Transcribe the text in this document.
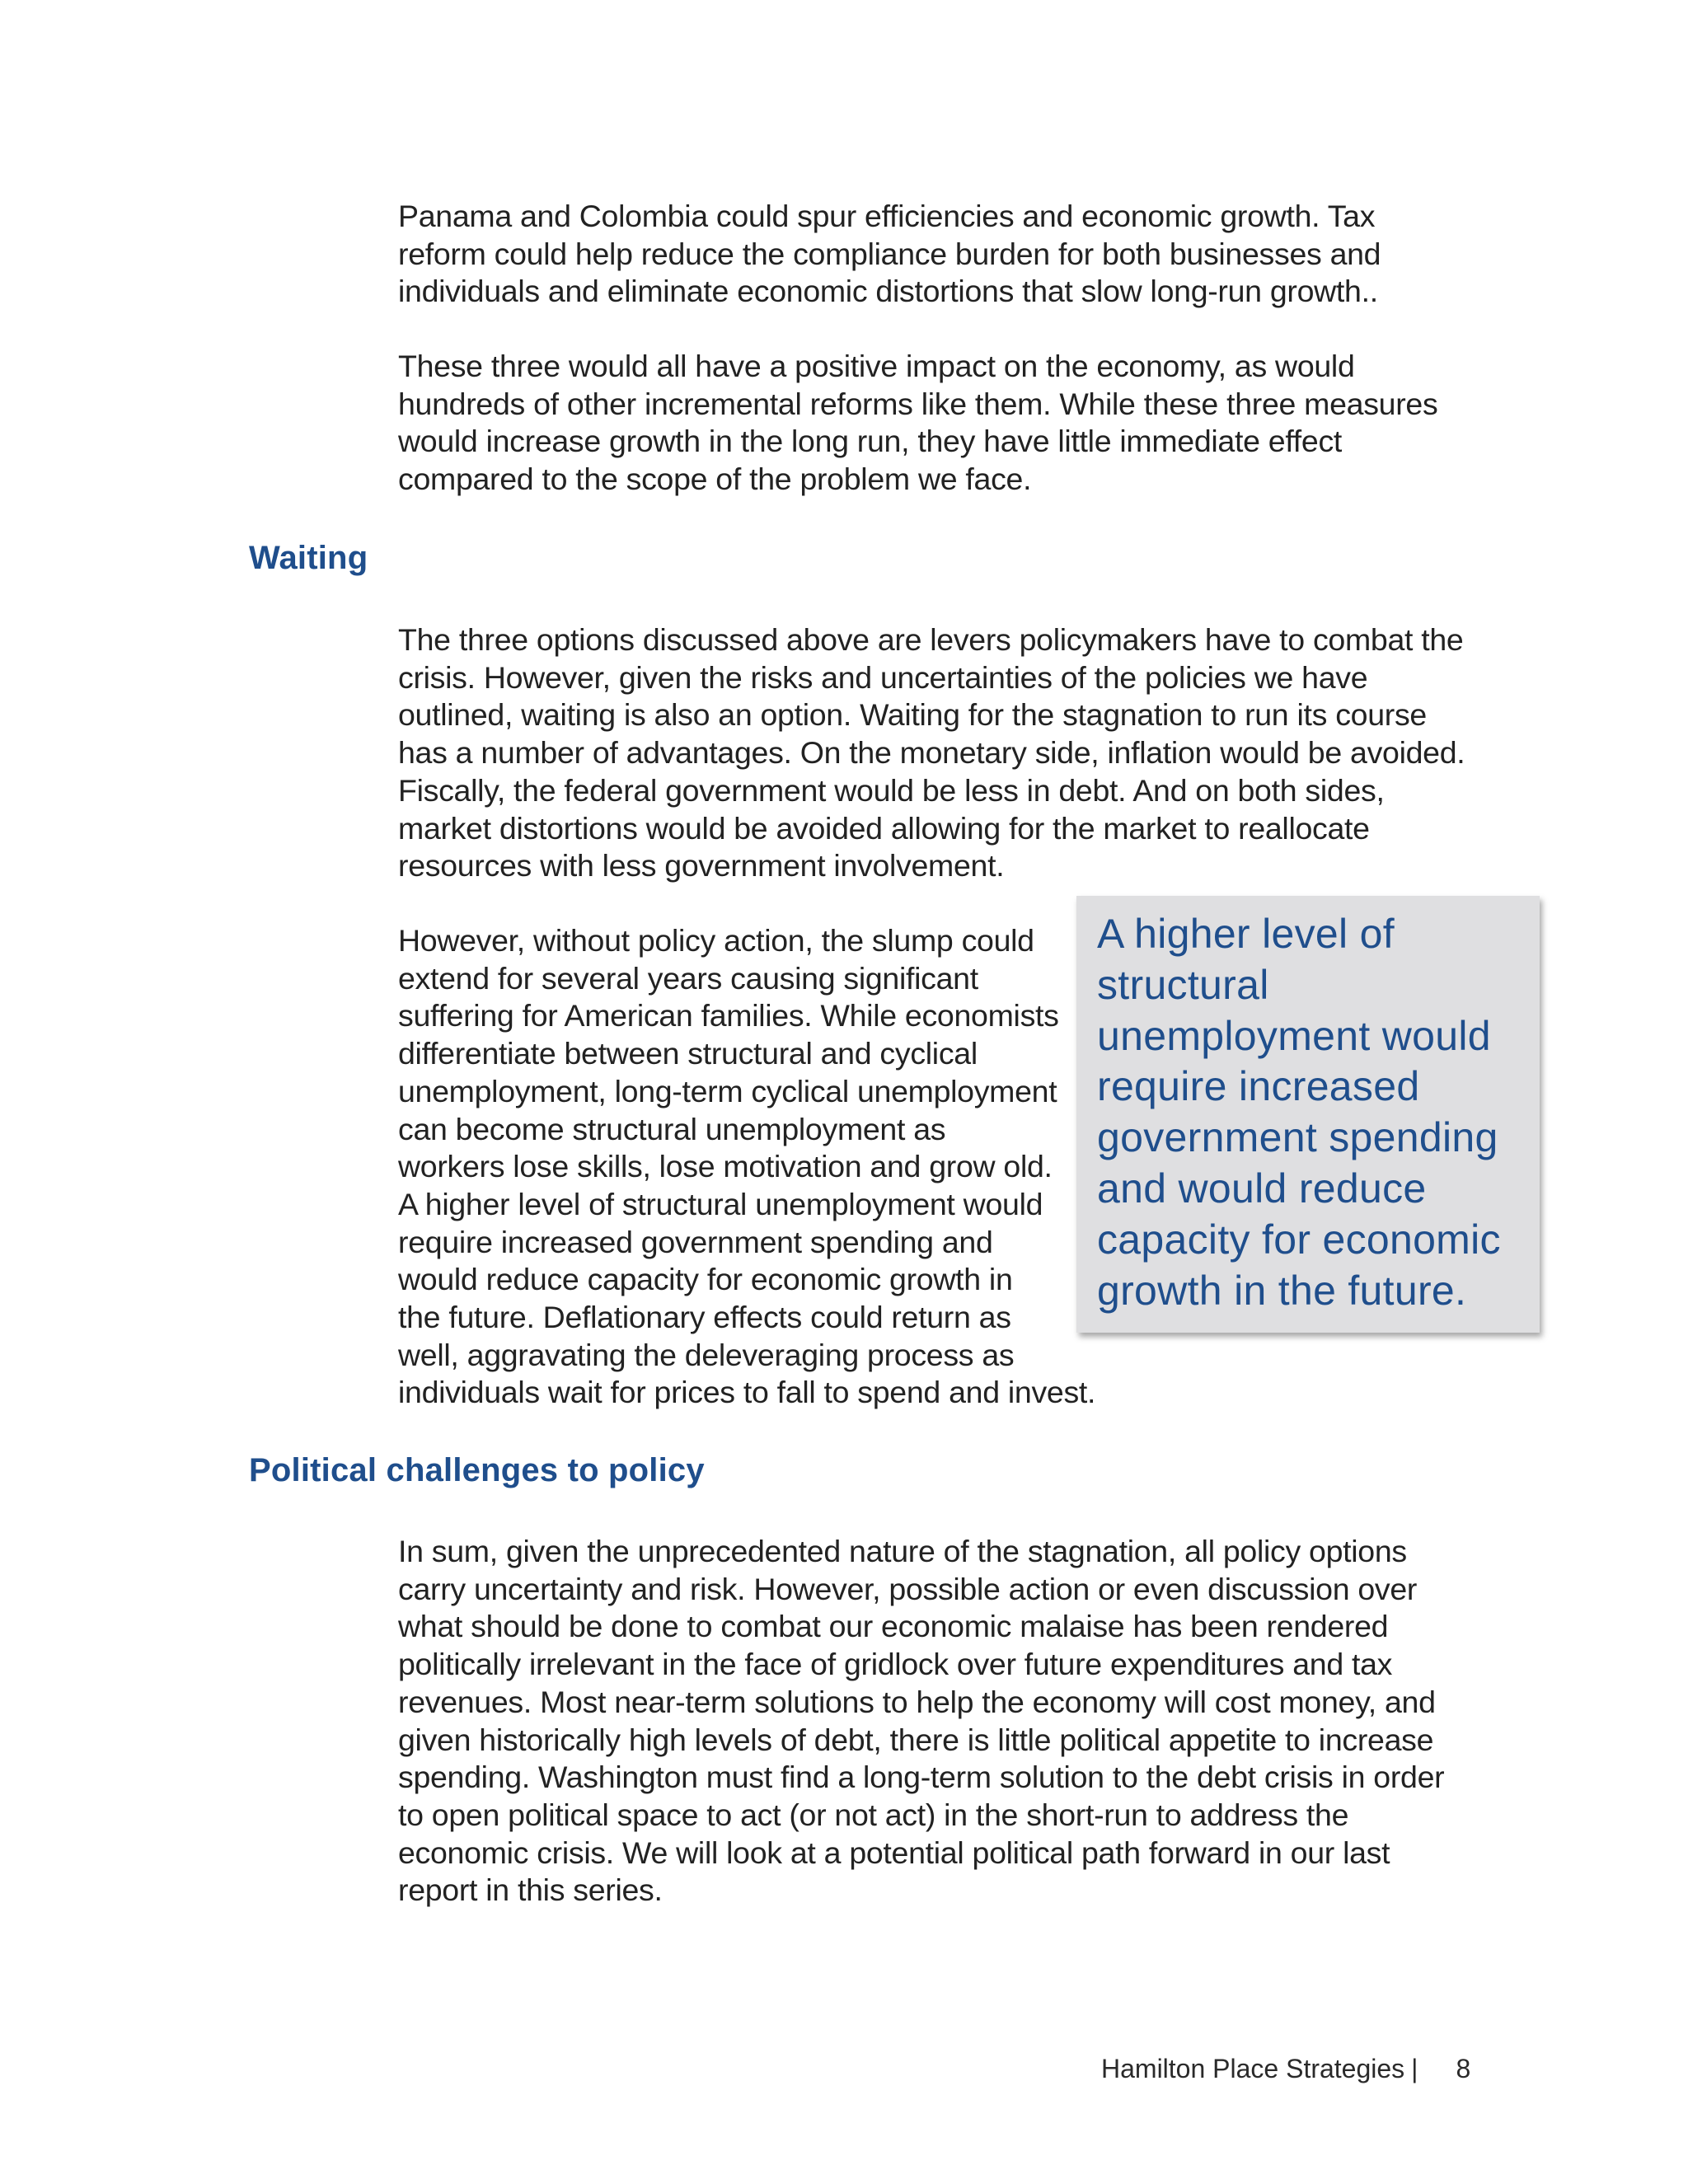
Panama and Colombia could spur efficiencies and economic growth. Tax
reform could help reduce the compliance burden for both businesses and
individuals and eliminate economic distortions that slow long-run growth..

These three would all have a positive impact on the economy, as would
hundreds of other incremental reforms like them. While these three measures
would increase growth in the long run, they have little immediate effect
compared to the scope of the problem we face.

Waiting

The three options discussed above are levers policymakers have to combat the
crisis. However, given the risks and uncertainties of the policies we have
outlined, waiting is also an option. Waiting for the stagnation to run its course
has a number of advantages. On the monetary side, inflation would be avoided.
Fiscally, the federal government would be less in debt. And on both sides,
market distortions would be avoided allowing for the market to reallocate
resources with less government involvement.

However, without policy action, the slump could
extend for several years causing significant
suffering for American families. While economists
differentiate between structural and cyclical
unemployment, long-term cyclical unemployment
can become structural unemployment as
workers lose skills, lose motivation and grow old.
A higher level of structural unemployment would
require increased government spending and
would reduce capacity for economic growth in
the future. Deflationary effects could return as
well, aggravating the deleveraging process as
individuals wait for prices to fall to spend and invest.

A higher level of
structural
unemployment would
require increased
government spending
and would reduce
capacity for economic
growth in the future.
Political challenges to policy

In sum, given the unprecedented nature of the stagnation, all policy options
carry uncertainty and risk. However, possible action or even discussion over
what should be done to combat our economic malaise has been rendered
politically irrelevant in the face of gridlock over future expenditures and tax
revenues. Most near-term solutions to help the economy will cost money, and
given historically high levels of debt, there is little political appetite to increase
spending. Washington must find a long-term solution to the debt crisis in order
to open political space to act (or not act) in the short-run to address the
economic crisis. We will look at a potential political path forward in our last
report in this series.

Hamilton Place Strategies | 8
